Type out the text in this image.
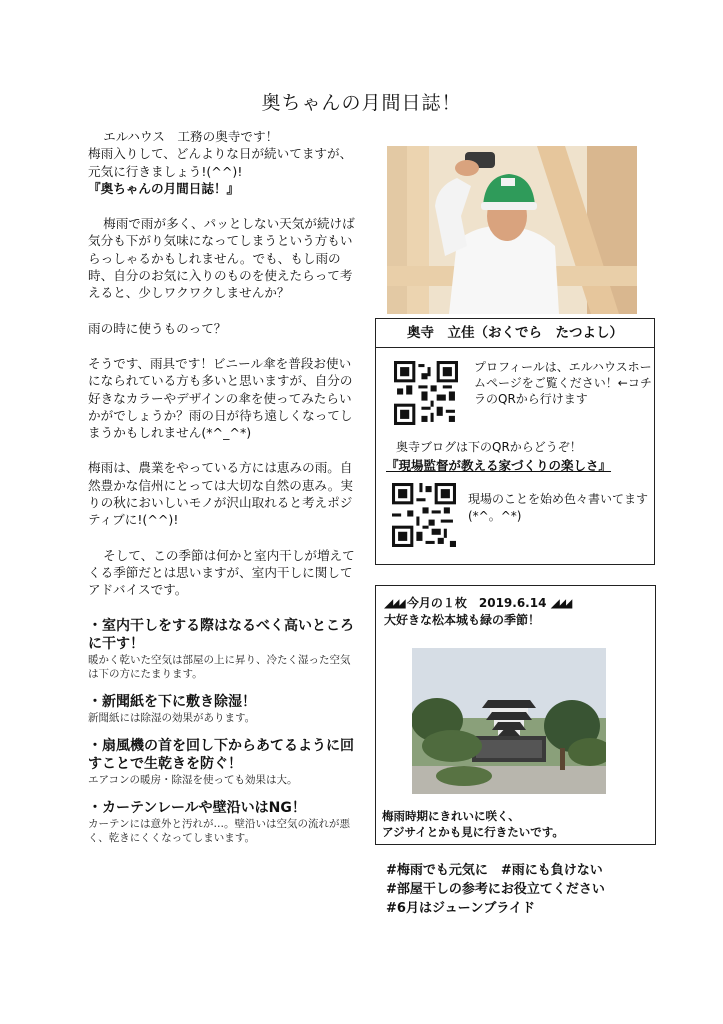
奥ちゃんの月間日誌！

エルハウス　工務の奥寺です！
梅雨入りして、どんよりな日が続いてますが、元気に行きましょう!(^^)!
『奥ちゃんの月間日誌！』

梅雨で雨が多く、パッとしない天気が続けば気分も下がり気味になってしまうという方もいらっしゃるかもしれません。でも、もし雨の時、自分のお気に入りのものを使えたらって考えると、少しワクワクしませんか？

雨の時に使うものって？

そうです、雨具です！ビニール傘を普段お使いになられている方も多いと思いますが、自分の好きなカラーやデザインの傘を使ってみたらいかがでしょうか？雨の日が待ち遠しくなってしまうかもしれません(*^_^*)

梅雨は、農業をやっている方には恵みの雨。自然豊かな信州にとっては大切な自然の恵み。実りの秋においしいモノが沢山取れると考えポジティブに!(^^)!

そして、この季節は何かと室内干しが増えてくる季節だとは思いますが、室内干しに関してアドバイスです。

・室内干しをする際はなるべく高いところに干す！

暖かく乾いた空気は部屋の上に昇り、冷たく湿った空気は下の方にたまります。

・新聞紙を下に敷き除湿！

新聞紙には除湿の効果があります。

・扇風機の首を回し下からあてるように回すことで生乾きを防ぐ！

エアコンの暖房・除湿を使っても効果は大。

・カーテンレールや壁沿いはNG！

カーテンには意外と汚れが…。壁沿いは空気の流れが悪く、乾きにくくなってしまいます。

奥寺　立佳（おくでら　たつよし）
プロフィールは、エルハウスホームページをご覧ください！←コチラのQRから行けます
奥寺ブログは下のQRからどうぞ！
『現場監督が教える家づくりの楽しさ』
現場のことを始め色々書いてます(*^。^*)
◢◢◢ 今月の１枚　2019.6.14 ◢◢◢
大好きな松本城も緑の季節！
梅雨時期にきれいに咲く、
アジサイとかも見に行きたいです。
#梅雨でも元気に　#雨にも負けない
#部屋干しの参考にお役立てください
#6月はジューンブライド
